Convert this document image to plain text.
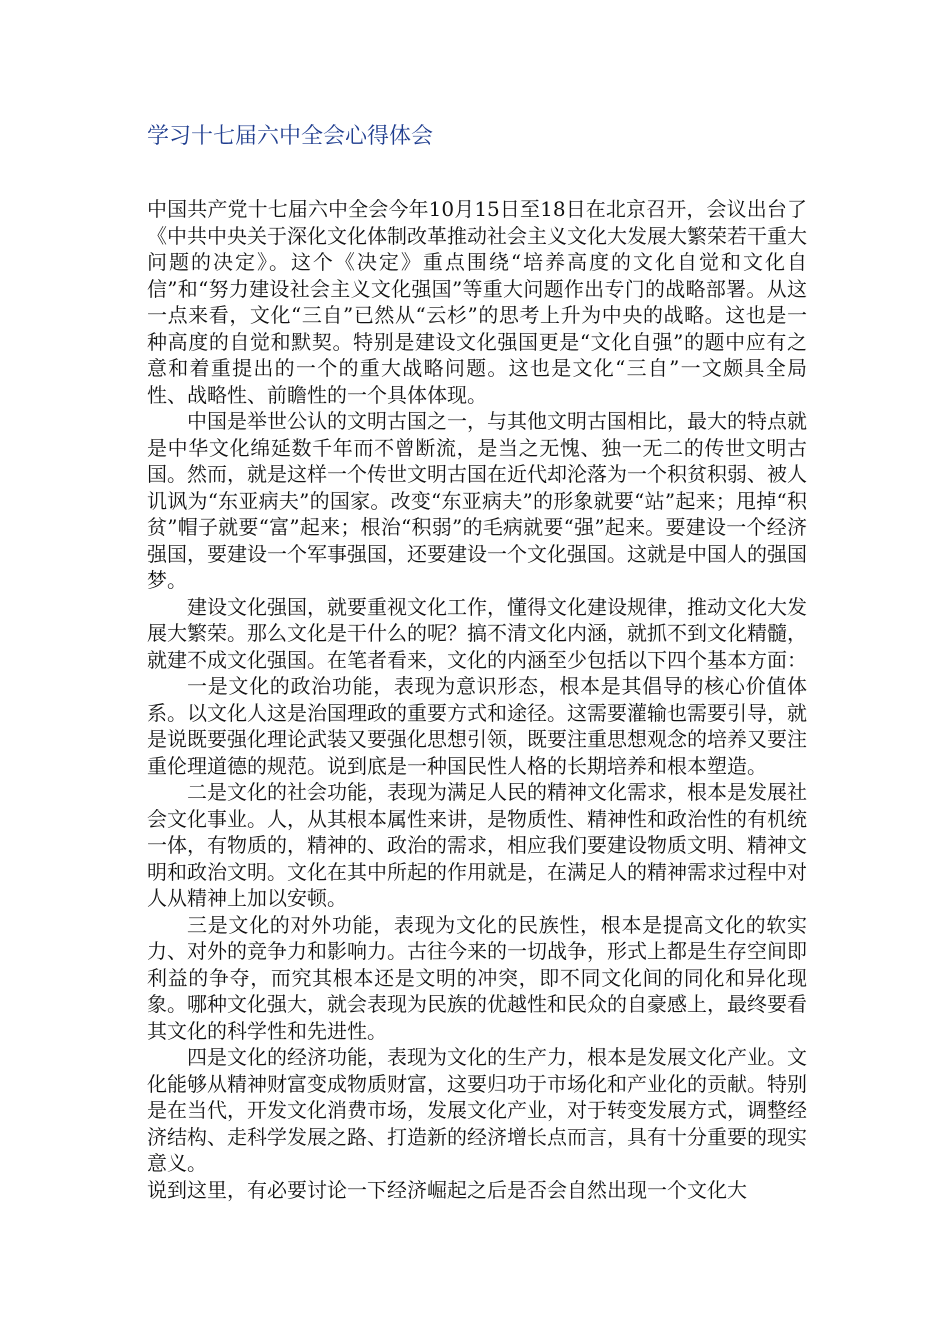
学习十七届六中全会心得体会

中国共产党十七届六中全会今年10月15日至18日在北京召开，会议出台了《中共中央关于深化文化体制改革推动社会主义文化大发展大繁荣若干重大问题的决定》。这个《决定》重点围绕“培养高度的文化自觉和文化自信”和“努力建设社会主义文化强国”等重大问题作出专门的战略部署。从这一点来看，文化“三自”已然从“云杉”的思考上升为中央的战略。这也是一种高度的自觉和默契。特别是建设文化强国更是“文化自强”的题中应有之意和着重提出的一个的重大战略问题。这也是文化“三自”一文颇具全局性、战略性、前瞻性的一个具体体现。

中国是举世公认的文明古国之一，与其他文明古国相比，最大的特点就是中华文化绵延数千年而不曾断流，是当之无愧、独一无二的传世文明古国。然而，就是这样一个传世文明古国在近代却沦落为一个积贫积弱、被人讥讽为“东亚病夫”的国家。改变“东亚病夫”的形象就要“站”起来；甩掉“积贫”帽子就要“富”起来；根治“积弱”的毛病就要“强”起来。要建设一个经济强国，要建设一个军事强国，还要建设一个文化强国。这就是中国人的强国梦。

建设文化强国，就要重视文化工作，懂得文化建设规律，推动文化大发展大繁荣。那么文化是干什么的呢？搞不清文化内涵，就抓不到文化精髓，就建不成文化强国。在笔者看来，文化的内涵至少包括以下四个基本方面：

一是文化的政治功能，表现为意识形态，根本是其倡导的核心价值体系。以文化人这是治国理政的重要方式和途径。这需要灌输也需要引导，就是说既要强化理论武装又要强化思想引领，既要注重思想观念的培养又要注重伦理道德的规范。说到底是一种国民性人格的长期培养和根本塑造。

二是文化的社会功能，表现为满足人民的精神文化需求，根本是发展社会文化事业。人，从其根本属性来讲，是物质性、精神性和政治性的有机统一体，有物质的，精神的、政治的需求，相应我们要建设物质文明、精神文明和政治文明。文化在其中所起的作用就是，在满足人的精神需求过程中对人从精神上加以安顿。

三是文化的对外功能，表现为文化的民族性，根本是提高文化的软实力、对外的竞争力和影响力。古往今来的一切战争，形式上都是生存空间即利益的争夺，而究其根本还是文明的冲突，即不同文化间的同化和异化现象。哪种文化强大，就会表现为民族的优越性和民众的自豪感上，最终要看其文化的科学性和先进性。

四是文化的经济功能，表现为文化的生产力，根本是发展文化产业。文化能够从精神财富变成物质财富，这要归功于市场化和产业化的贡献。特别是在当代，开发文化消费市场，发展文化产业，对于转变发展方式，调整经济结构、走科学发展之路、打造新的经济增长点而言，具有十分重要的现实意义。

说到这里，有必要讨论一下经济崛起之后是否会自然出现一个文化大
